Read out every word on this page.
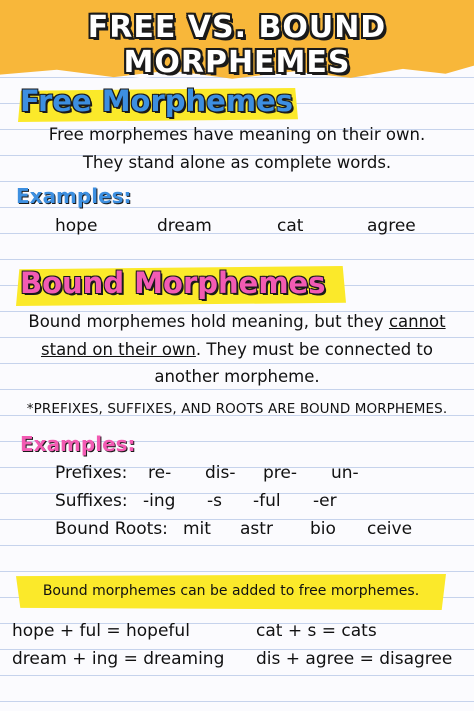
FREE VS. BOUND MORPHEMES
Free Morphemes
Free morphemes have meaning on their own.
They stand alone as complete words.
Examples:
hope	dream	cat	agree
Bound Morphemes
Bound morphemes hold meaning, but they cannot
stand on their own. They must be connected to
another morpheme.
*PREFIXES, SUFFIXES, AND ROOTS ARE BOUND MORPHEMES.
Examples:
Prefixes: re- dis- pre- un-
Suffixes: -ing -s -ful -er
Bound Roots: mit astr bio ceive
Bound morphemes can be added to free morphemes.
hope + ful = hopeful	cat + s = cats
dream + ing = dreaming dis + agree = disagree
